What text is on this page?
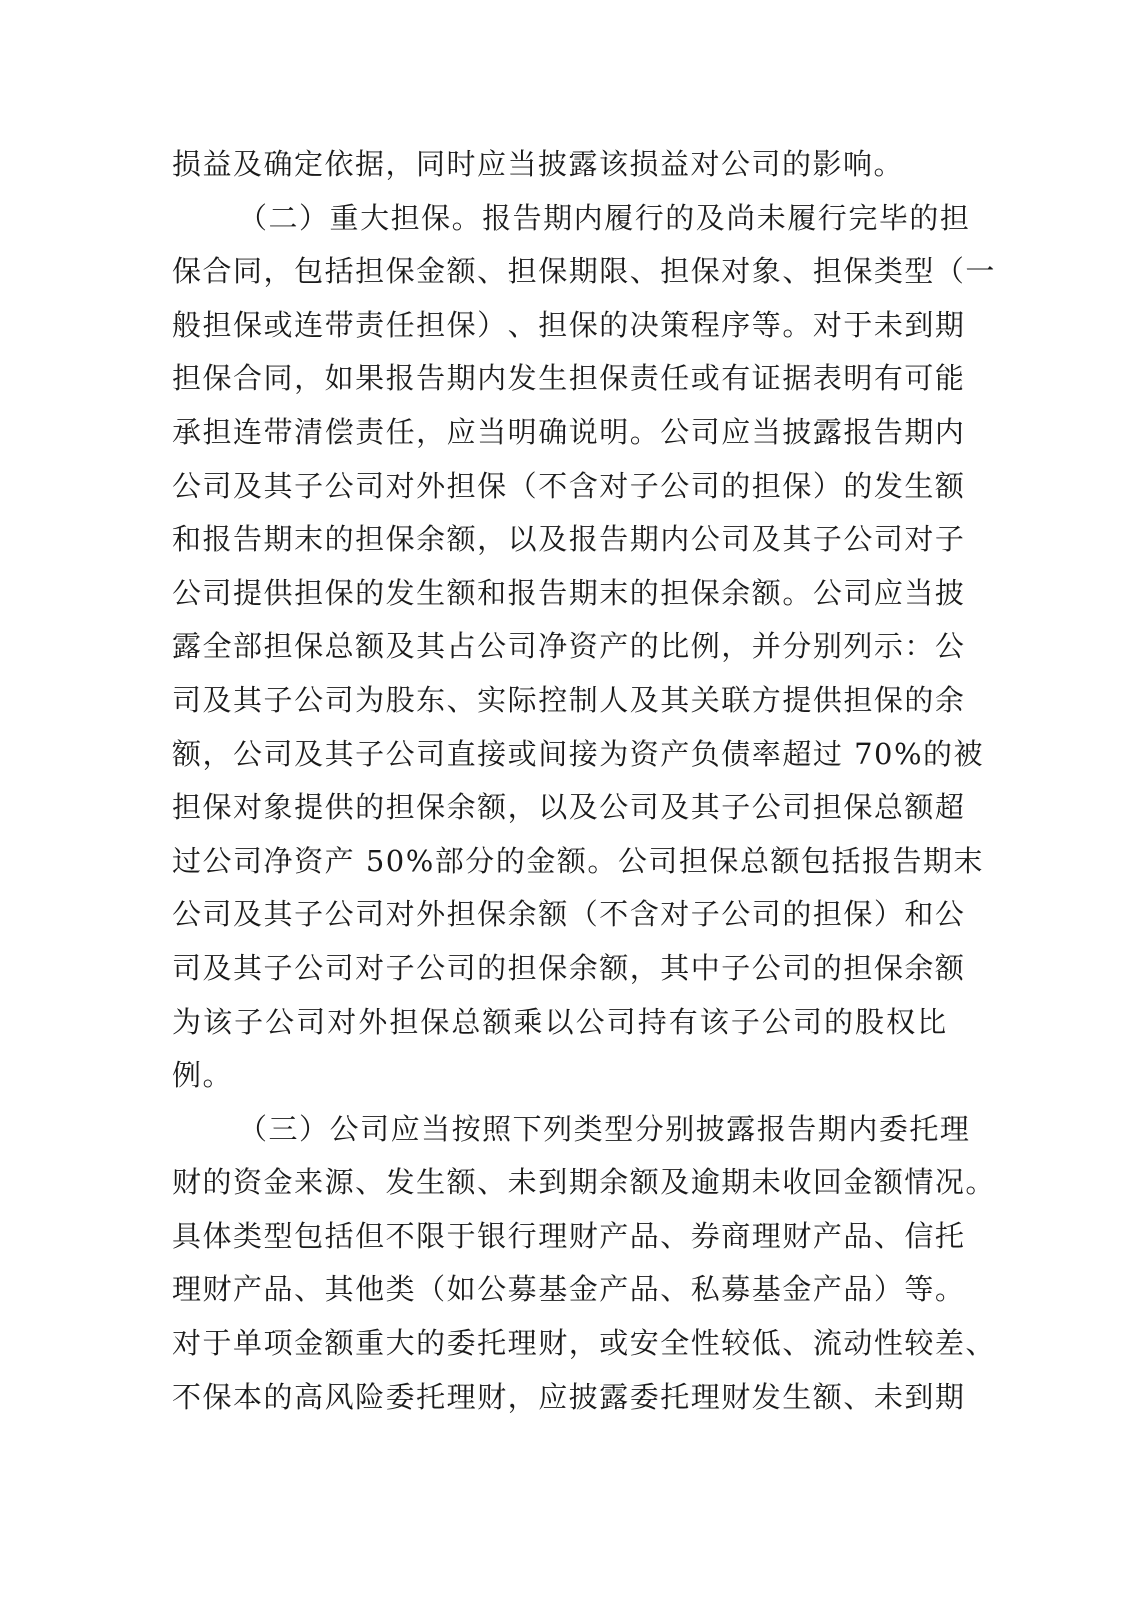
损益及确定依据，同时应当披露该损益对公司的影响。
（ 二 ） 重 大 担 保 。 报 告 期 内 履 行 的 及 尚 未 履 行 完 毕 的 担
保 合 同 ， 包 括 担 保 金 额 、 担 保 期 限 、 担 保 对 象 、 担 保 类 型 （ 一
般 担 保 或 连 带 责 任 担 保 ） 、 担 保 的 决 策 程 序 等 。 对 于 未 到 期
担 保 合 同 ， 如 果 报 告 期 内 发 生 担 保 责 任 或 有 证 据 表 明 有 可 能
承 担 连 带 清 偿 责 任 ， 应 当 明 确 说 明 。 公 司 应 当 披 露 报 告 期 内
公 司 及 其 子 公 司 对 外 担 保 （ 不 含 对 子 公 司 的 担 保 ） 的 发 生 额
和 报 告 期 末 的 担 保 余 额 ， 以 及 报 告 期 内 公 司 及 其 子 公 司 对 子
公 司 提 供 担 保 的 发 生 额 和 报 告 期 末 的 担 保 余 额 。 公 司 应 当 披
露 全 部 担 保 总 额 及 其 占 公 司 净 资 产 的 比 例 ， 并 分 别 列 示 ： 公
司 及 其 子 公 司 为 股 东 、 实 际 控 制 人 及 其 关 联 方 提 供 担 保 的 余
额 ， 公 司 及 其 子 公 司 直 接 或 间 接 为 资 产 负 债 率 超 过
70% 的 被
担 保 对 象 提 供 的 担 保 余 额 ， 以 及 公 司 及 其 子 公 司 担 保 总 额 超
过 公 司 净 资 产
50% 部 分 的 金 额 。 公 司 担 保 总 额 包 括 报 告 期 末
公 司 及 其 子 公 司 对 外 担 保 余 额 （ 不 含 对 子 公 司 的 担 保 ） 和 公
司 及 其 子 公 司 对 子 公 司 的 担 保 余 额 ， 其 中 子 公 司 的 担 保 余 额
为 该 子 公 司 对 外 担 保 总 额 乘 以 公 司 持 有 该 子 公 司 的 股 权 比
例。
（ 三 ） 公 司 应 当 按 照 下 列 类 型 分 别 披 露 报 告 期 内 委 托 理
财 的 资 金 来 源 、 发 生 额 、 未 到 期 余 额 及 逾 期 未 收 回 金 额 情 况 。
具 体 类 型 包 括 但 不 限 于 银 行 理 财 产 品 、 券 商 理 财 产 品 、 信 托
理 财 产 品 、 其 他 类 （ 如 公 募 基 金 产 品 、 私 募 基 金 产 品 ） 等 。
对 于 单 项 金 额 重 大 的 委 托 理 财 ， 或 安 全 性 较 低 、 流 动 性 较 差 、
不 保 本 的 高 风 险 委 托 理 财 ， 应 披 露 委 托 理 财 发 生 额 、 未 到 期
